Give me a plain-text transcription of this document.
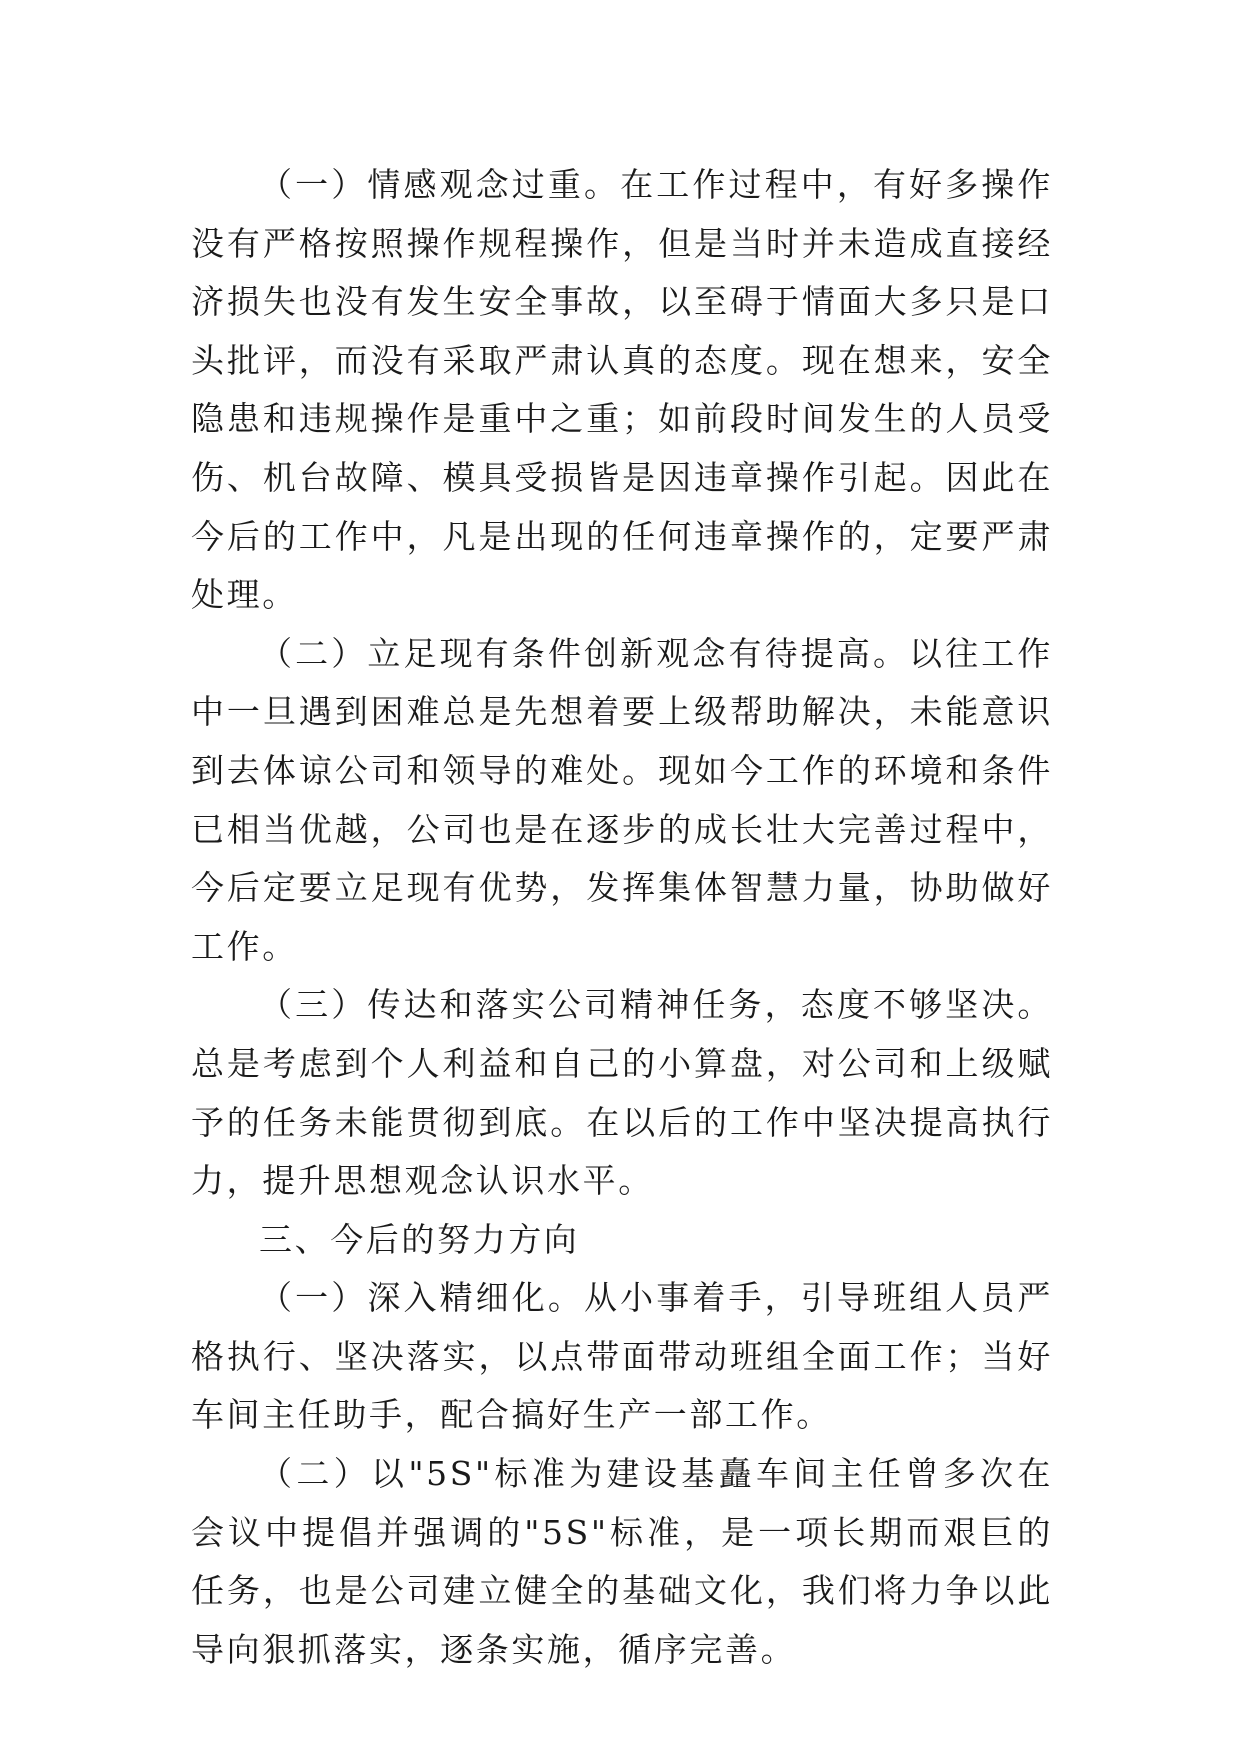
（一）情感观念过重。在工作过程中，有好多操作没有严格按照操作规程操作，但是当时并未造成直接经济损失也没有发生安全事故，以至碍于情面大多只是口头批评，而没有采取严肃认真的态度。现在想来，安全隐患和违规操作是重中之重；如前段时间发生的人员受伤、机台故障、模具受损皆是因违章操作引起。因此在今后的工作中，凡是出现的任何违章操作的，定要严肃处理。

（二）立足现有条件创新观念有待提高。以往工作中一旦遇到困难总是先想着要上级帮助解决，未能意识到去体谅公司和领导的难处。现如今工作的环境和条件已相当优越，公司也是在逐步的成长壮大完善过程中，今后定要立足现有优势，发挥集体智慧力量，协助做好工作。

（三）传达和落实公司精神任务，态度不够坚决。总是考虑到个人利益和自己的小算盘，对公司和上级赋予的任务未能贯彻到底。在以后的工作中坚决提高执行力，提升思想观念认识水平。

三、今后的努力方向

（一）深入精细化。从小事着手，引导班组人员严格执行、坚决落实，以点带面带动班组全面工作；当好车间主任助手，配合搞好生产一部工作。

（二）以"5S"标准为建设基矗车间主任曾多次在会议中提倡并强调的"5S"标准，是一项长期而艰巨的任务，也是公司建立健全的基础文化，我们将力争以此导向狠抓落实，逐条实施，循序完善。
